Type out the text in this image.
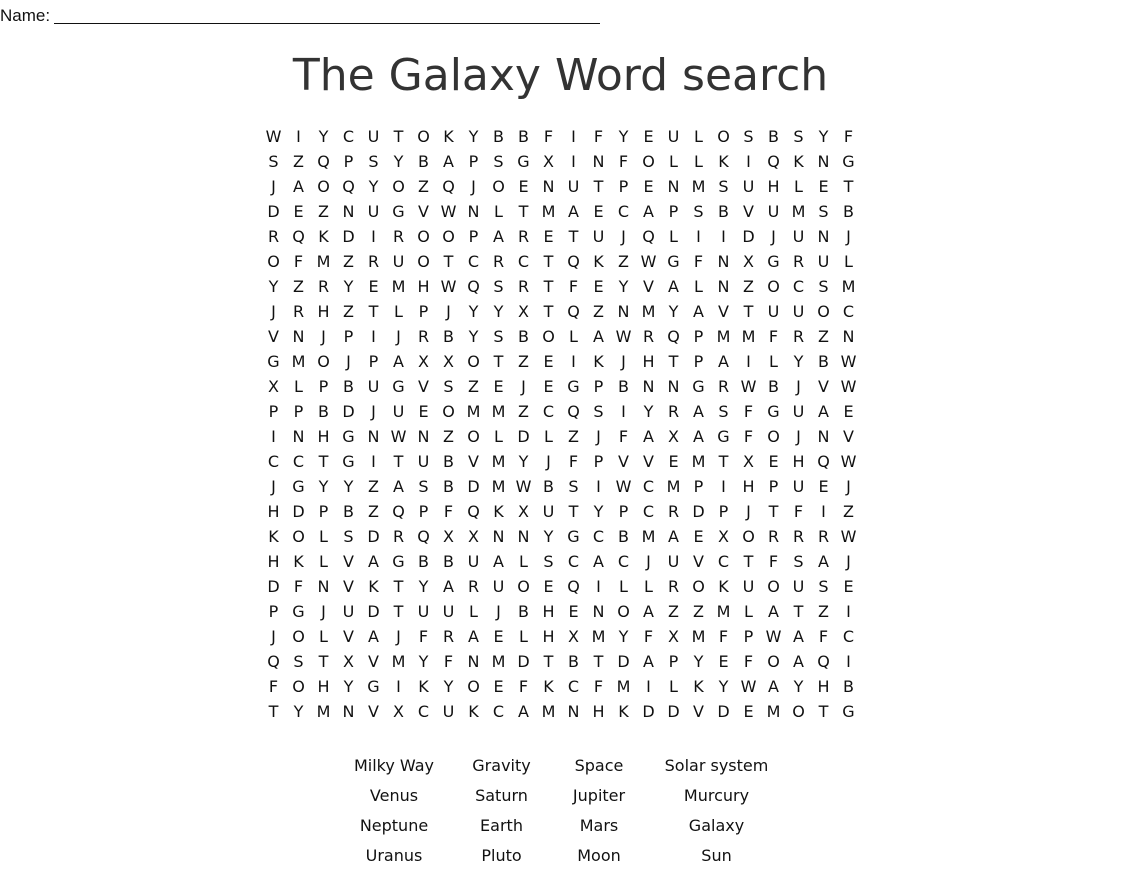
Name:
The Galaxy Word search
W I	Y C U T O K Y B B F	I	F Y E U L O S B S Y F
S Z Q P S Y B A P S G X	I	N F O L	L K	I	Q K N G
J	A O Q Y O Z Q	J	O E N U T P E N M S U H L E T
D E Z N U G V W N L T M A E C A P S B V U M S B
R Q K D	I	R O O P A R E T U	J	Q L	I	I	D	J	U N	J
O F M Z R U O T C R C T Q K Z W G F N X G R U L
Y Z R Y E M H W Q S R T F E Y V A L N Z O C S M
J	R H Z T L P	J	Y Y X T Q Z N M Y A V T U U O C
V N	J	P	I	J	R B Y S B O L A W R Q P M M F R Z N
G M O	J	P A X X O T Z E	I	K	J	H T P A	I	L Y B W
X L P B U G V S Z E	J	E G P B N N G R W B	J	V W
P P B D	J	U E O M M Z C Q S	I	Y R A S F G U A E
I	N H G N W N Z O L D L Z	J	F A X A G F O	J	N V
C C T G	I	T U B V M Y	J	F P V V E M T X E H Q W
J	G Y Y Z A S B D M W B S	I W C M P	I	H P U E	J
H D P B Z Q P F Q K X U T Y P C R D P	J	T F	I	Z
K O L S D R Q X X N N Y G C B M A E X O R R R W
H K L V A G B B U A L S C A C	J	U V C T F S A	J
D F N V K T Y A R U O E Q	I	L	L R O K U O U S E
P G	J	U D T U U L	J	B H E N O A Z Z M L A T Z	I
J	O L V A	J	F R A E L H X M Y F X M F P W A F C
Q S T X V M Y F N M D T B T D A P Y E F O A Q	I
F O H Y G	I	K Y O E F K C F M I	L K Y W A Y H B
T Y M N V X C U K C A M N H K D D V D E M O T G
Milky Way	Gravity	Space	Solar system
Venus	Saturn	Jupiter	Murcury
Neptune	Earth	Mars	Galaxy
Uranus	Pluto	Moon	Sun
